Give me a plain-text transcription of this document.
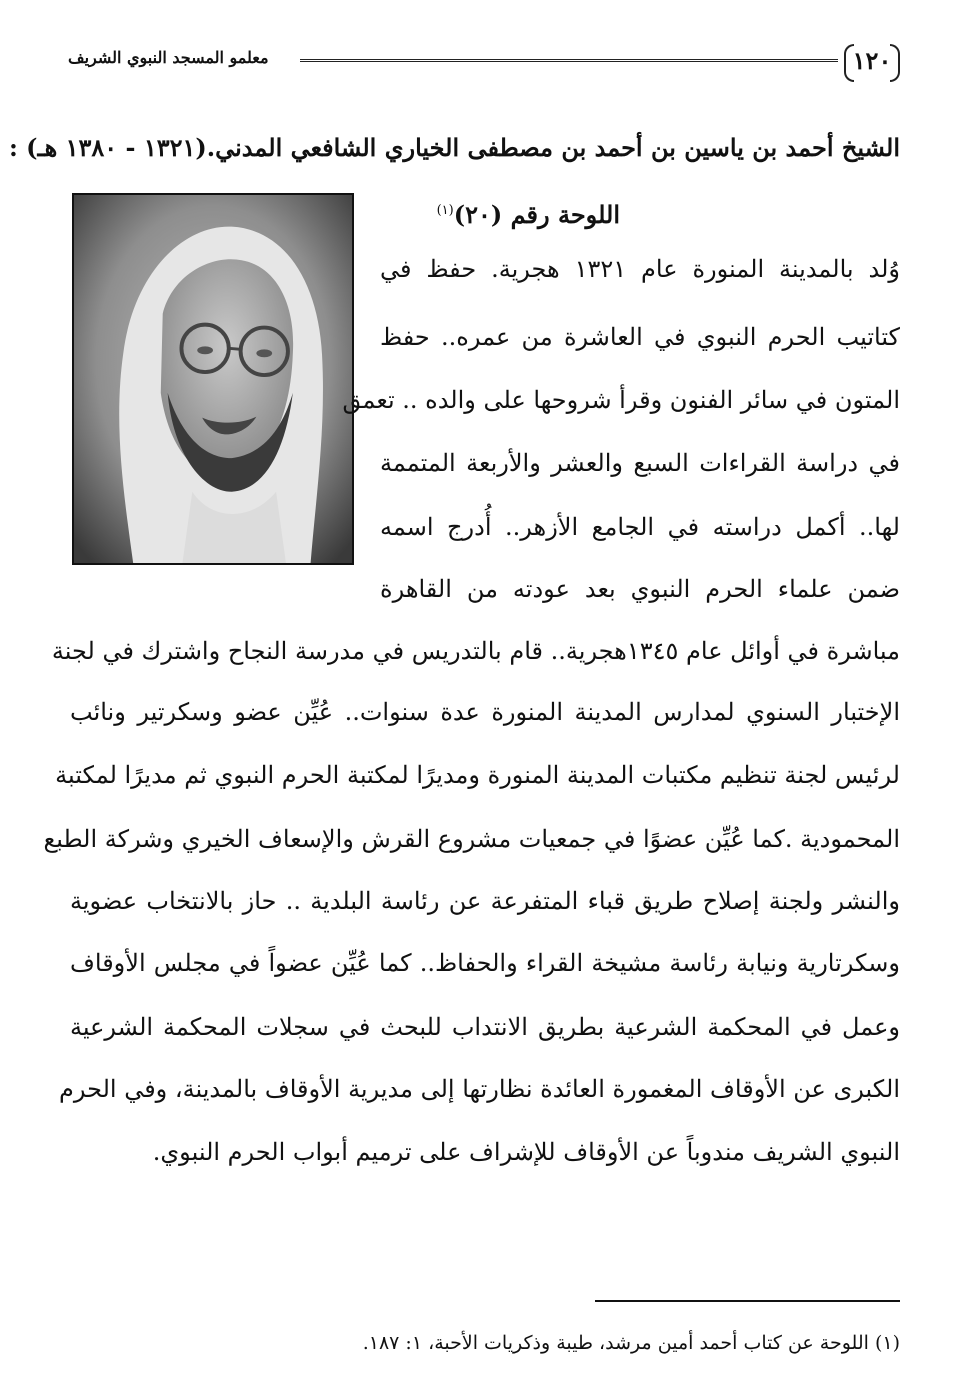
١٢٠
معلمو المسجد النبوي الشريف
الشيخ أحمد بن ياسين بن أحمد بن مصطفى الخياري الشافعي المدني.(١٣٢١ - ١٣٨٠ هـ) :
اللوحة رقم (٢٠)$^{(١)}$
وُلد بالمدينة المنورة عام ١٣٢١ هجرية. حفظ في
كتاتيب الحرم النبوي في العاشرة من عمره.. حفظ
المتون في سائر الفنون وقرأ شروحها على والده .. تعمق
في دراسة القراءات السبع والعشر والأربعة المتممة
لها.. أكمل دراسته في الجامع الأزهر.. أُدرج اسمه
ضمن علماء الحرم النبوي بعد عودته من القاهرة
مباشرة في أوائل عام ١٣٤٥هجرية.. قام بالتدريس في مدرسة النجاح واشترك في لجنة
الإختبار السنوي لمدارس المدينة المنورة عدة سنوات.. عُيِّن عضو وسكرتير ونائب
لرئيس لجنة تنظيم مكتبات المدينة المنورة ومديرًا لمكتبة الحرم النبوي ثم مديرًا لمكتبة
المحمودية .كما عُيِّن عضوًا في جمعيات مشروع القرش والإسعاف الخيري وشركة الطبع
والنشر ولجنة إصلاح طريق قباء المتفرعة عن رئاسة البلدية .. حاز بالانتخاب عضوية
وسكرتارية ونيابة رئاسة مشيخة القراء والحفاظ.. كما عُيِّن عضواً في مجلس الأوقاف
وعمل في المحكمة الشرعية بطريق الانتداب للبحث في سجلات المحكمة الشرعية
الكبرى عن الأوقاف المغمورة العائدة نظارتها إلى مديرية الأوقاف بالمدينة، وفي الحرم
النبوي الشريف مندوباً عن الأوقاف للإشراف على ترميم أبواب الحرم النبوي.
(١) اللوحة عن كتاب أحمد أمين مرشد، طيبة وذكريات الأحبة، ١: ١٨٧.
